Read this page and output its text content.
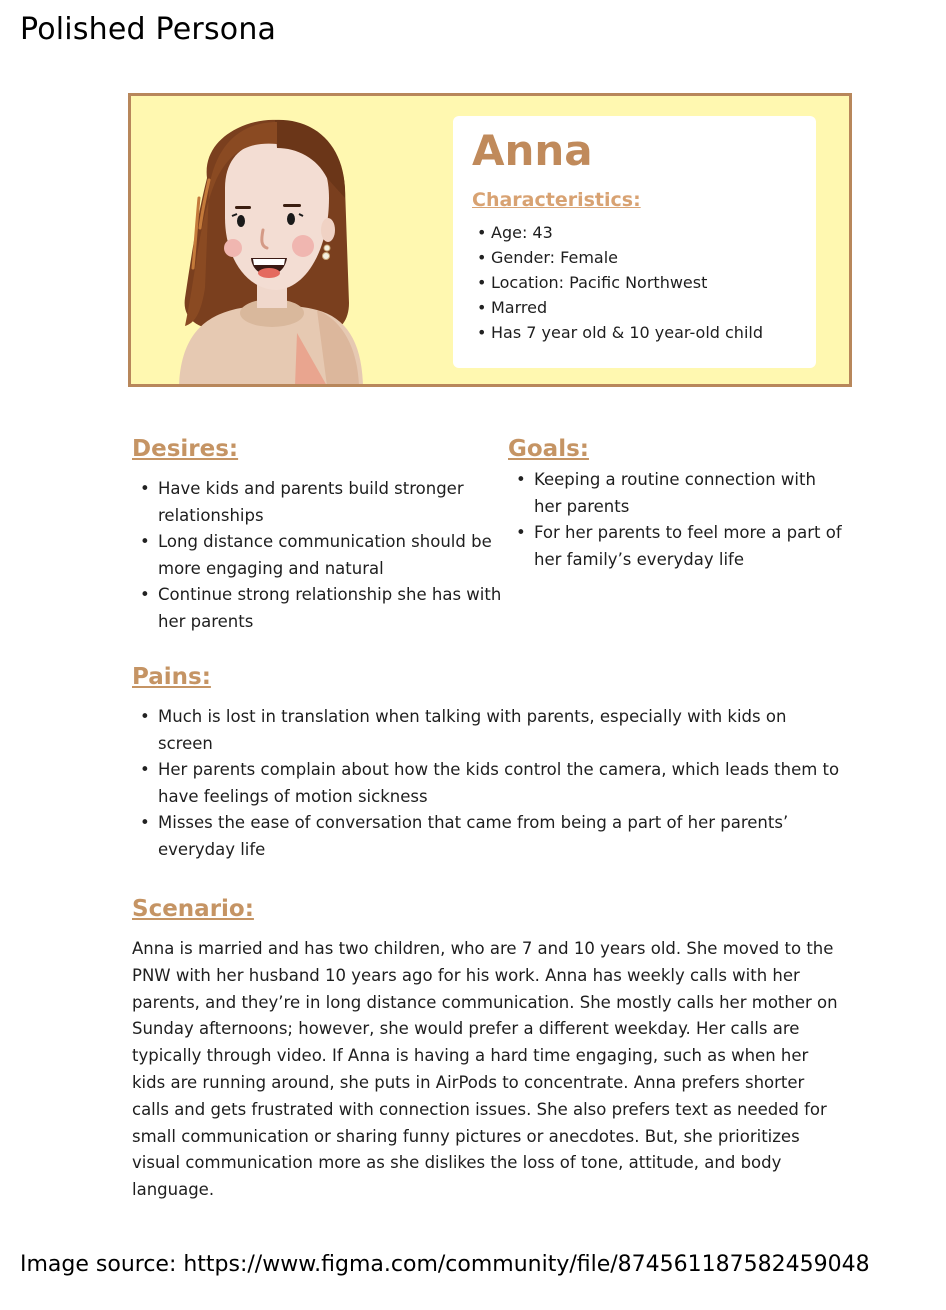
Polished Persona
Anna
Characteristics:
• Age: 43
• Gender: Female
• Location: Pacific Northwest
• Marred
• Has 7 year old & 10 year-old child
Desires:
• Have kids and parents build stronger relationships
• Long distance communication should be more engaging and natural
• Continue strong relationship she has with her parents
Goals:
• Keeping a routine connection with her parents
• For her parents to feel more a part of her family’s everyday life
Pains:
• Much is lost in translation when talking with parents, especially with kids on screen
• Her parents complain about how the kids control the camera, which leads them to have feelings of motion sickness
• Misses the ease of conversation that came from being a part of her parents’ everyday life
Scenario:

Anna is married and has two children, who are 7 and 10 years old. She moved to the PNW with her husband 10 years ago for his work. Anna has weekly calls with her parents, and they’re in long distance communication. She mostly calls her mother on Sunday afternoons; however, she would prefer a different weekday. Her calls are typically through video. If Anna is having a hard time engaging, such as when her kids are running around, she puts in AirPods to concentrate. Anna prefers shorter calls and gets frustrated with connection issues. She also prefers text as needed for small communication or sharing funny pictures or anecdotes. But, she prioritizes visual communication more as she dislikes the loss of tone, attitude, and body language.

Image source: https://www.figma.com/community/file/874561187582459048
